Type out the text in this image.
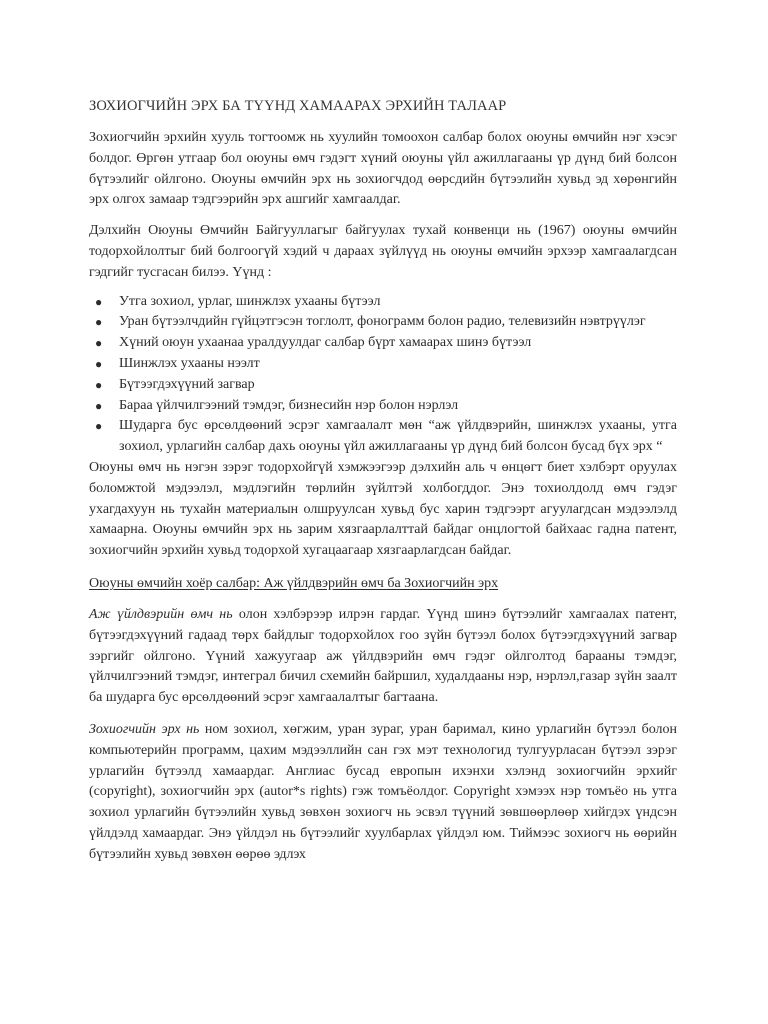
ЗОХИОГЧИЙН ЭРХ БА ТҮҮНД ХАМААРАХ ЭРХИЙН ТАЛААР

Зохиогчийн эрхийн хууль тогтоомж нь хуулийн томоохон салбар болох оюуны өмчийн нэг хэсэг болдог. Өргөн утгаар бол оюуны өмч гэдэгт хүний оюуны үйл ажиллагааны үр дүнд бий болсон бүтээлийг ойлгоно. Оюуны өмчийн эрх нь зохиогчдод өөрсдийн бүтээлийн хувьд эд хөрөнгийн эрх олгох замаар тэдгээрийн эрх ашгийг хамгаалдаг.

Дэлхийн Оюуны Өмчийн Байгууллагыг байгуулах тухай конвенци нь (1967) оюуны өмчийн тодорхойлолтыг бий болгоогүй хэдий ч дараах зүйлүүд нь оюуны өмчийн эрхээр хамгаалагдсан гэдгийг тусгасан билээ. Үүнд :

● Утга зохиол, урлаг, шинжлэх ухааны бүтээл
● Уран бүтээлчдийн гүйцэтгэсэн тоглолт, фонограмм болон радио, телевизийн нэвтрүүлэг
● Хүний оюун ухаанаа уралдуулдаг салбар бүрт хамаарах шинэ бүтээл
● Шинжлэх ухааны нээлт
● Бүтээгдэхүүний загвар
● Бараа үйлчилгээний тэмдэг, бизнесийн нэр болон нэрлэл
● Шударга бус өрсөлдөөний эсрэг хамгаалалт мөн “аж үйлдвэрийн, шинжлэх ухааны, утга зохиол, урлагийн салбар дахь оюуны үйл ажиллагааны үр дүнд бий болсон бусад бүх эрх “

Оюуны өмч нь нэгэн зэрэг тодорхойгүй хэмжээгээр дэлхийн аль ч өнцөгт биет хэлбэрт оруулах боломжтой мэдээлэл, мэдлэгийн төрлийн зүйлтэй холбогддог. Энэ тохиолдолд өмч гэдэг ухагдахуун нь тухайн материалын олшруулсан хувьд бус харин тэдгээрт агуулагдсан мэдээлэлд хамаарна. Оюуны өмчийн эрх нь зарим хязгаарлалттай байдаг онцлогтой байхаас гадна патент, зохиогчийн эрхийн хувьд тодорхой хугацаагаар хязгаарлагдсан байдаг.

Оюуны өмчийн хоёр салбар: Аж үйлдвэрийн өмч ба Зохиогчийн эрх

Аж үйлдвэрийн өмч нь олон хэлбэрээр илрэн гардаг. Үүнд шинэ бүтээлийг хамгаалах патент, бүтээгдэхүүний гадаад төрх байдлыг тодорхойлох гоо зүйн бүтээл болох бүтээгдэхүүний загвар зэргийг ойлгоно. Үүний хажуугаар аж үйлдвэрийн өмч гэдэг ойлголтод барааны тэмдэг, үйлчилгээний тэмдэг, интеграл бичил схемийн байршил, худалдааны нэр, нэрлэл,газар зүйн заалт ба шударга бус өрсөлдөөний эсрэг хамгаалалтыг багтаана.

Зохиогчийн эрх нь ном зохиол, хөгжим, уран зураг, уран баримал, кино урлагийн бүтээл болон компьютерийн программ, цахим мэдээллийн сан гэх мэт технологид тулгуурласан бүтээл зэрэг урлагийн бүтээлд хамаардаг. Англиас бусад европын ихэнхи хэлэнд зохиогчийн эрхийг (copyright), зохиогчийн эрх (autor*s rights) гэж томъёолдог. Copyright хэмээх нэр томъёо нь утга зохиол урлагийн бүтээлийн хувьд зөвхөн зохиогч нь эсвэл түүний зөвшөөрлөөр хийгдэх үндсэн үйлдэлд хамаардаг. Энэ үйлдэл нь бүтээлийг хуулбарлах үйлдэл юм. Тиймээс зохиогч нь өөрийн бүтээлийн хувьд зөвхөн өөрөө эдлэх
